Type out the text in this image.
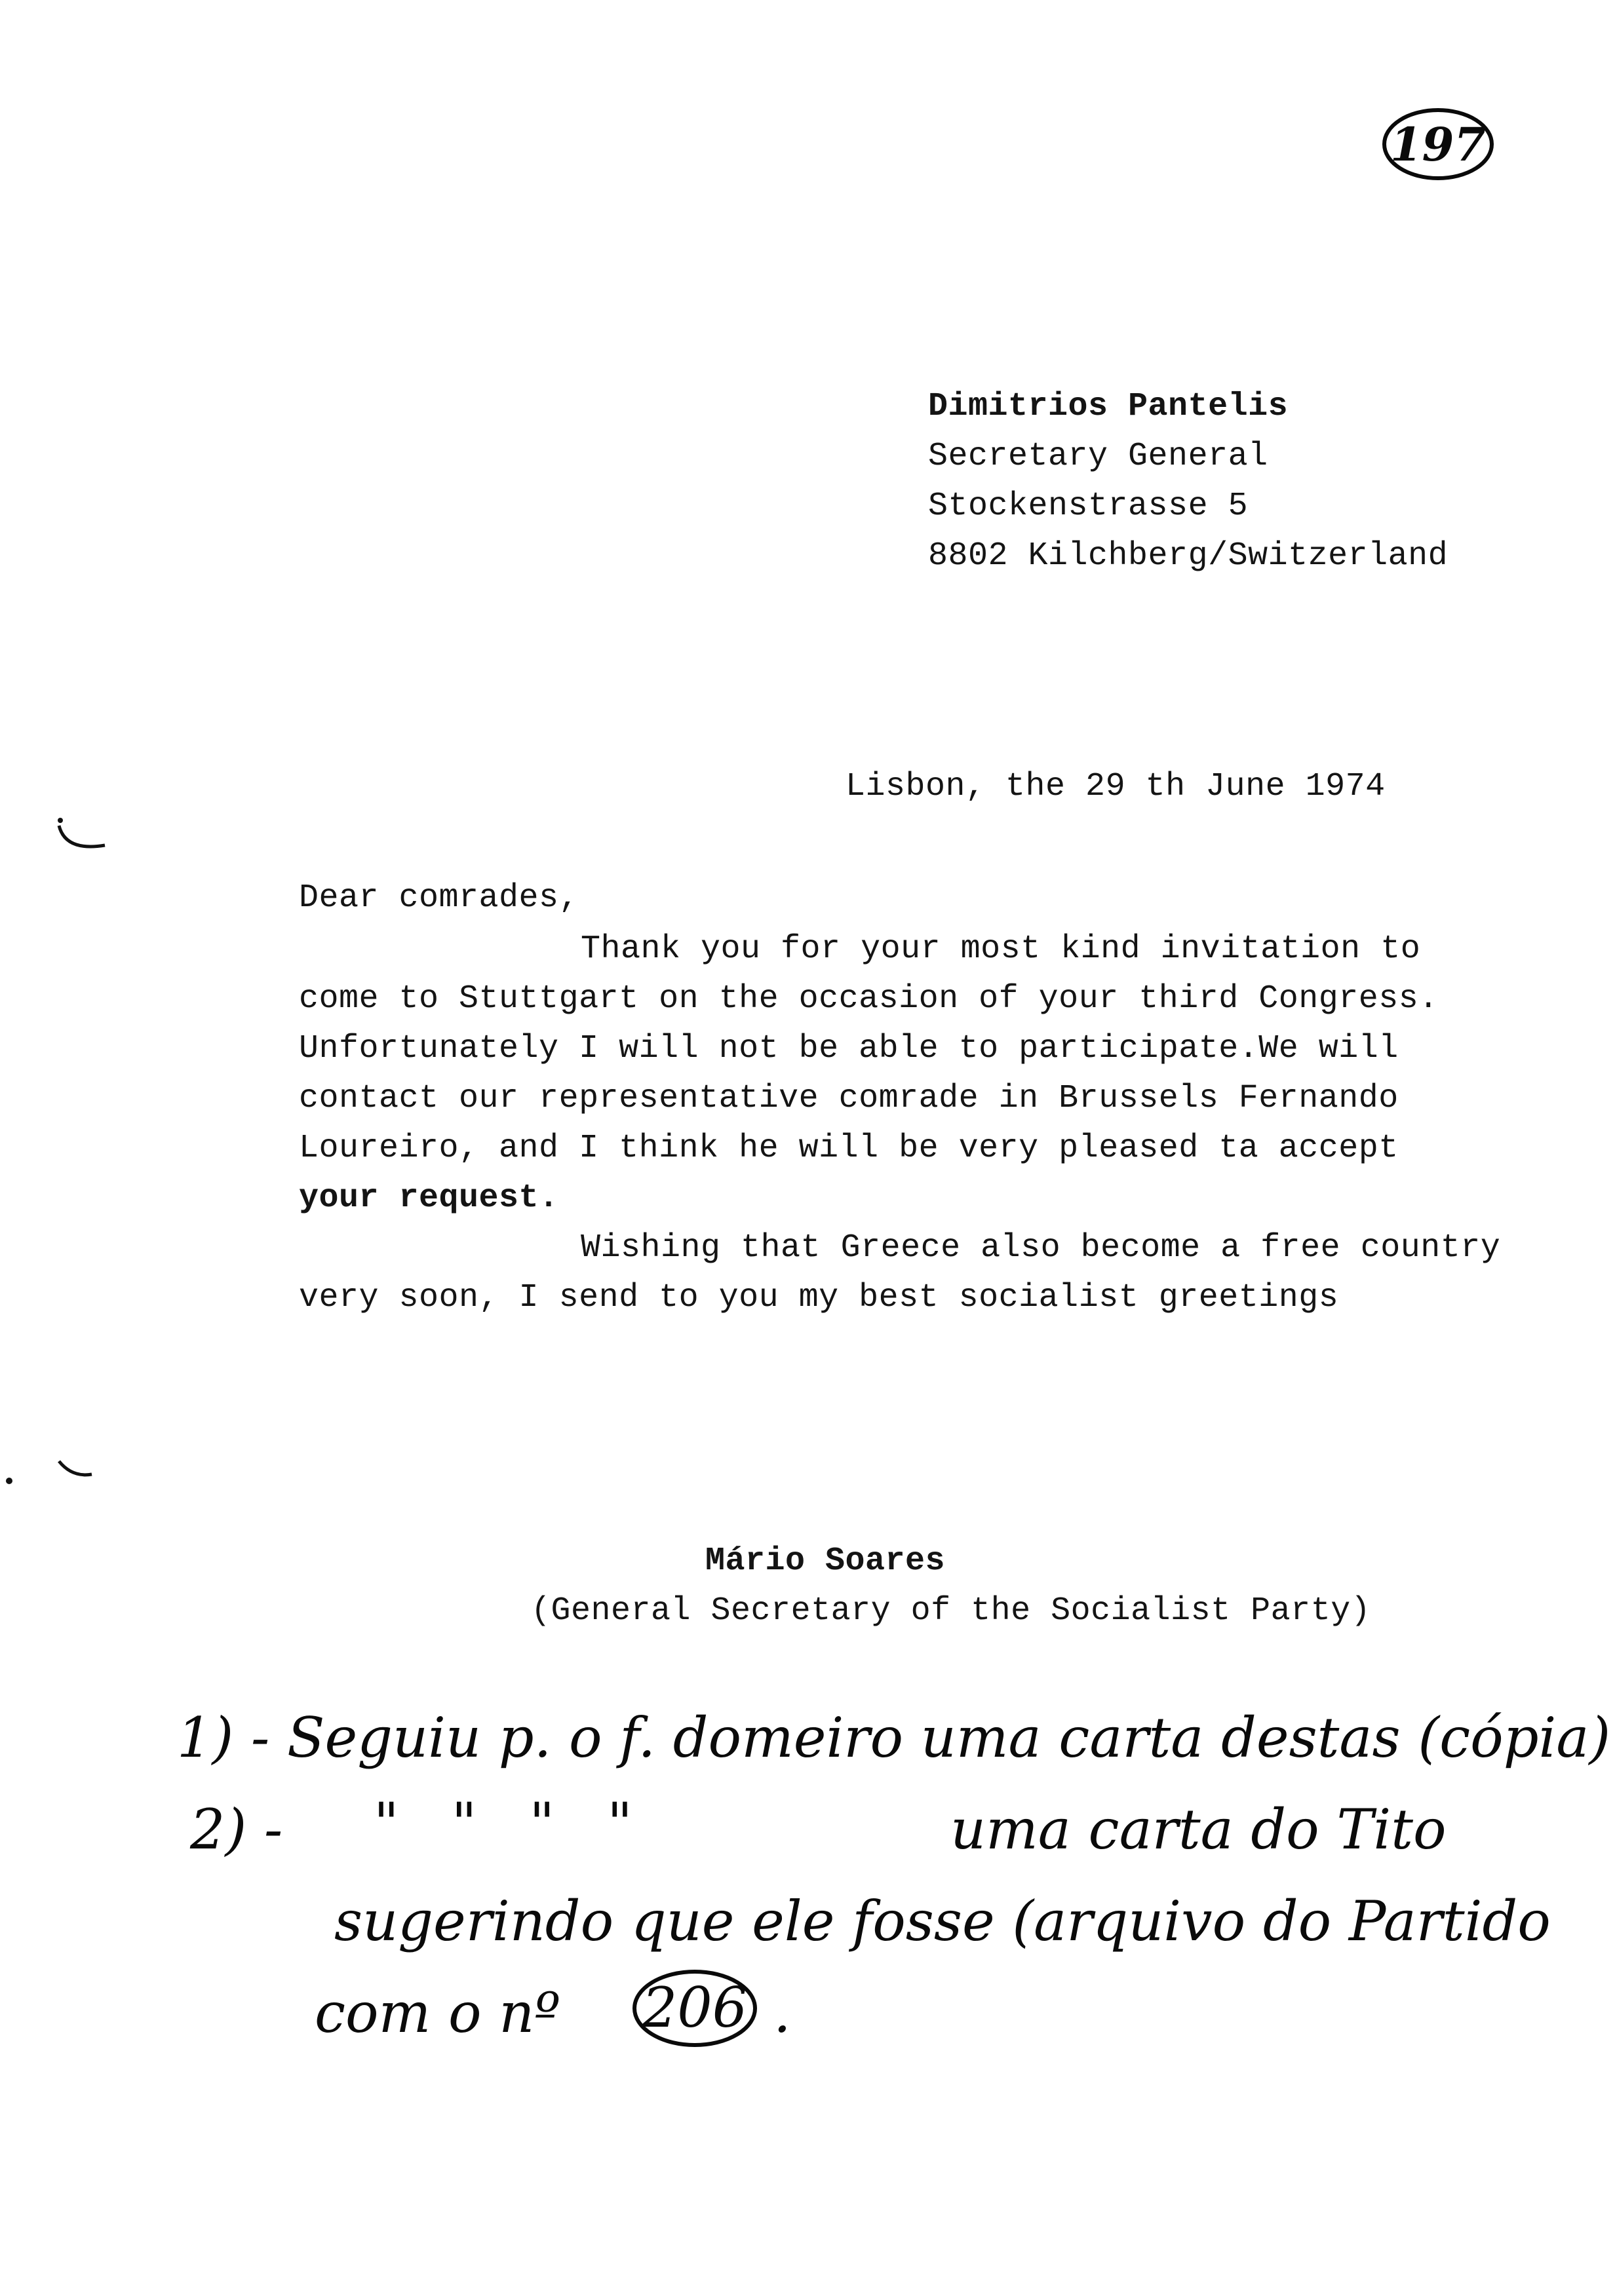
197
Dimitrios Pantelis
Secretary General
Stockenstrasse 5
8802 Kilchberg/Switzerland
Lisbon, the 29 th June 1974
Dear comrades,
Thank you for your most kind invitation to
come to Stuttgart on the occasion of your third Congress.
Unfortunately I will not be able to participate.We will
contact our representative comrade in Brussels Fernando
Loureiro, and I think he will be very pleased ta accept
your request.
Wishing that Greece also become a free country
very soon, I send to you my best socialist greetings
Mário Soares
(General Secretary of the Socialist Party)
1) - Seguiu p. o f. domeiro uma carta destas (cópia)
2) - "   "   "   "	uma carta do Tito
sugerindo que ele fosse (arquivo do Partido
com o nº 206 .
